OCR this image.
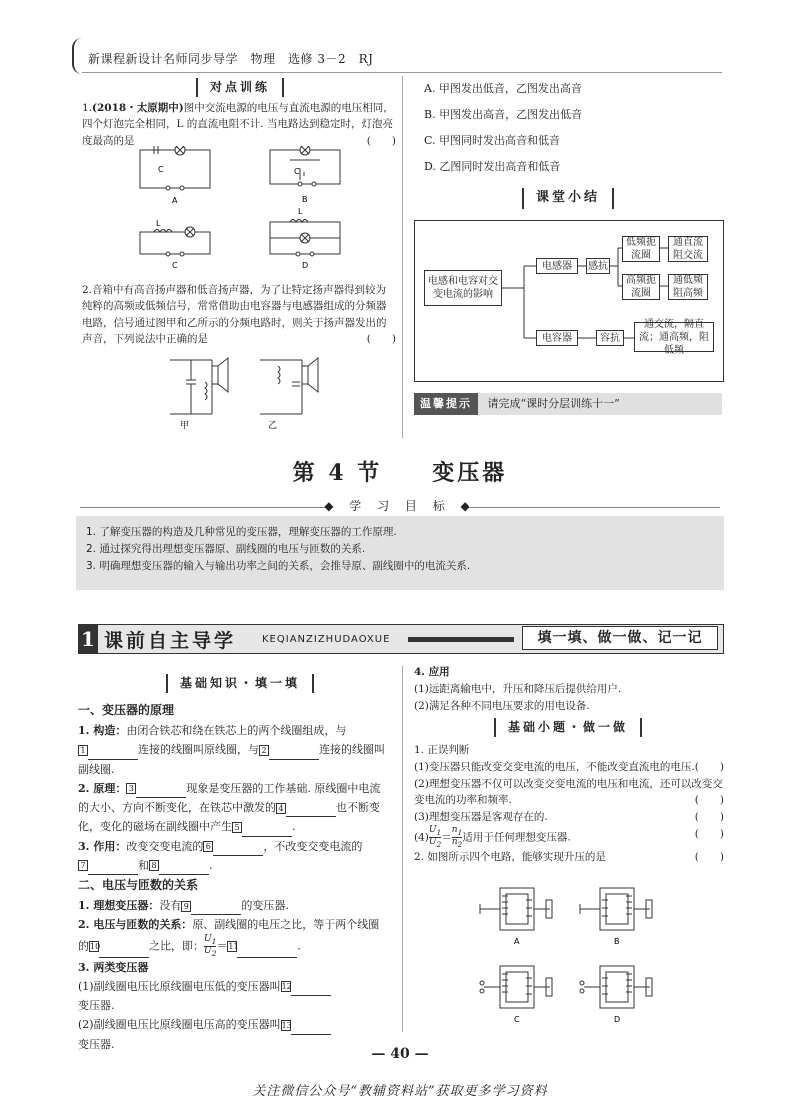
新课程新设计名师同步导学　物理　选修 3－2　RJ
对点训练
1.(2018・太原期中)图中交流电源的电压与直流电源的电压相同，四个灯泡完全相同，L 的直流电阻不计. 当电路达到稳定时，灯泡亮度最高的是	(　　)
C	C
L
L
A	B
C	D
2.音箱中有高音扬声器和低音扬声器，为了让特定扬声器得到较为纯粹的高频或低频信号，常常借助由电容器与电感器组成的分频器电路，信号通过图甲和乙所示的分频电路时，则关于扬声器发出的声音，下列说法中正确的是	(　　)
甲	乙
A. 甲图发出低音，乙图发出高音
B. 甲图发出高音，乙图发出低音
C. 甲图同时发出高音和低音
D. 乙图同时发出高音和低音
课堂小结
电感和电容对交变电流的影响
电感器	感抗
低频扼流圈
通直流阻交流
高频扼流圈
通低频阻高频
电容器	容抗
通交流，隔直流；通高频，阻低频
温馨提示 请完成“课时分层训练十一”
第 4 节　　变压器
◆ 学 习 目 标 ◆
1. 了解变压器的构造及几种常见的变压器，理解变压器的工作原理.
2. 通过探究得出理想变压器原、副线圈的电压与匝数的关系.
3. 明确理想变压器的输入与输出功率之间的关系，会推导原、副线圈中的电流关系.
1 课前自主导学	KEQIANZIZHUDAOXUE	填一填、做一做、记一记
基础知识・填一填
一、变压器的原理
1. 构造：由闭合铁芯和绕在铁芯上的两个线圈组成，与
1	连接的线圈叫原线圈，与 2	连接的线圈叫副线圈.
2. 原理： 3	现象是变压器的工作基础. 原线圈中电流的大小、方向不断变化，在铁芯中激发的 4	也不断变化，变化的磁场在副线圈中产生 5	.
3. 作用：改变交变电流的 6	，不改变交变电流的
7	和 8	.
二、电压与匝数的关系
1. 理想变压器：没有 9	的变压器.
2. 电压与匝数的关系：原、副线圈的电压之比，等于两个线圈的10	之比，即： $\frac{U_1}{U_2} =11$	.
3. 两类变压器
(1)副线圈电压比原线圈电压低的变压器叫12
变压器.
(2)副线圈电压比原线圈电压高的变压器叫13
变压器.
4. 应用
(1)远距离输电中，升压和降压后提供给用户.
(2)满足各种不同电压要求的用电设备.
基础小题・做一做
1. 正误判断
(1)变压器只能改变交变电流的电压，不能改变直流电的电压. (　　)
(2)理想变压器不仅可以改变交变电流的电压和电流，还可以改变交变电流的功率和频率.	(　　)
(3)理想变压器是客观存在的.	(　　)
$(4) \frac{U_1}{U_2} = \frac{n_1}{n_2}$ 适用于任何理想变压器.	(　　)
2. 如图所示四个电路，能够实现升压的是	(　　)
A	B
C	D
— 40 —
关注微信公众号“教辅资料站”获取更多学习资料
